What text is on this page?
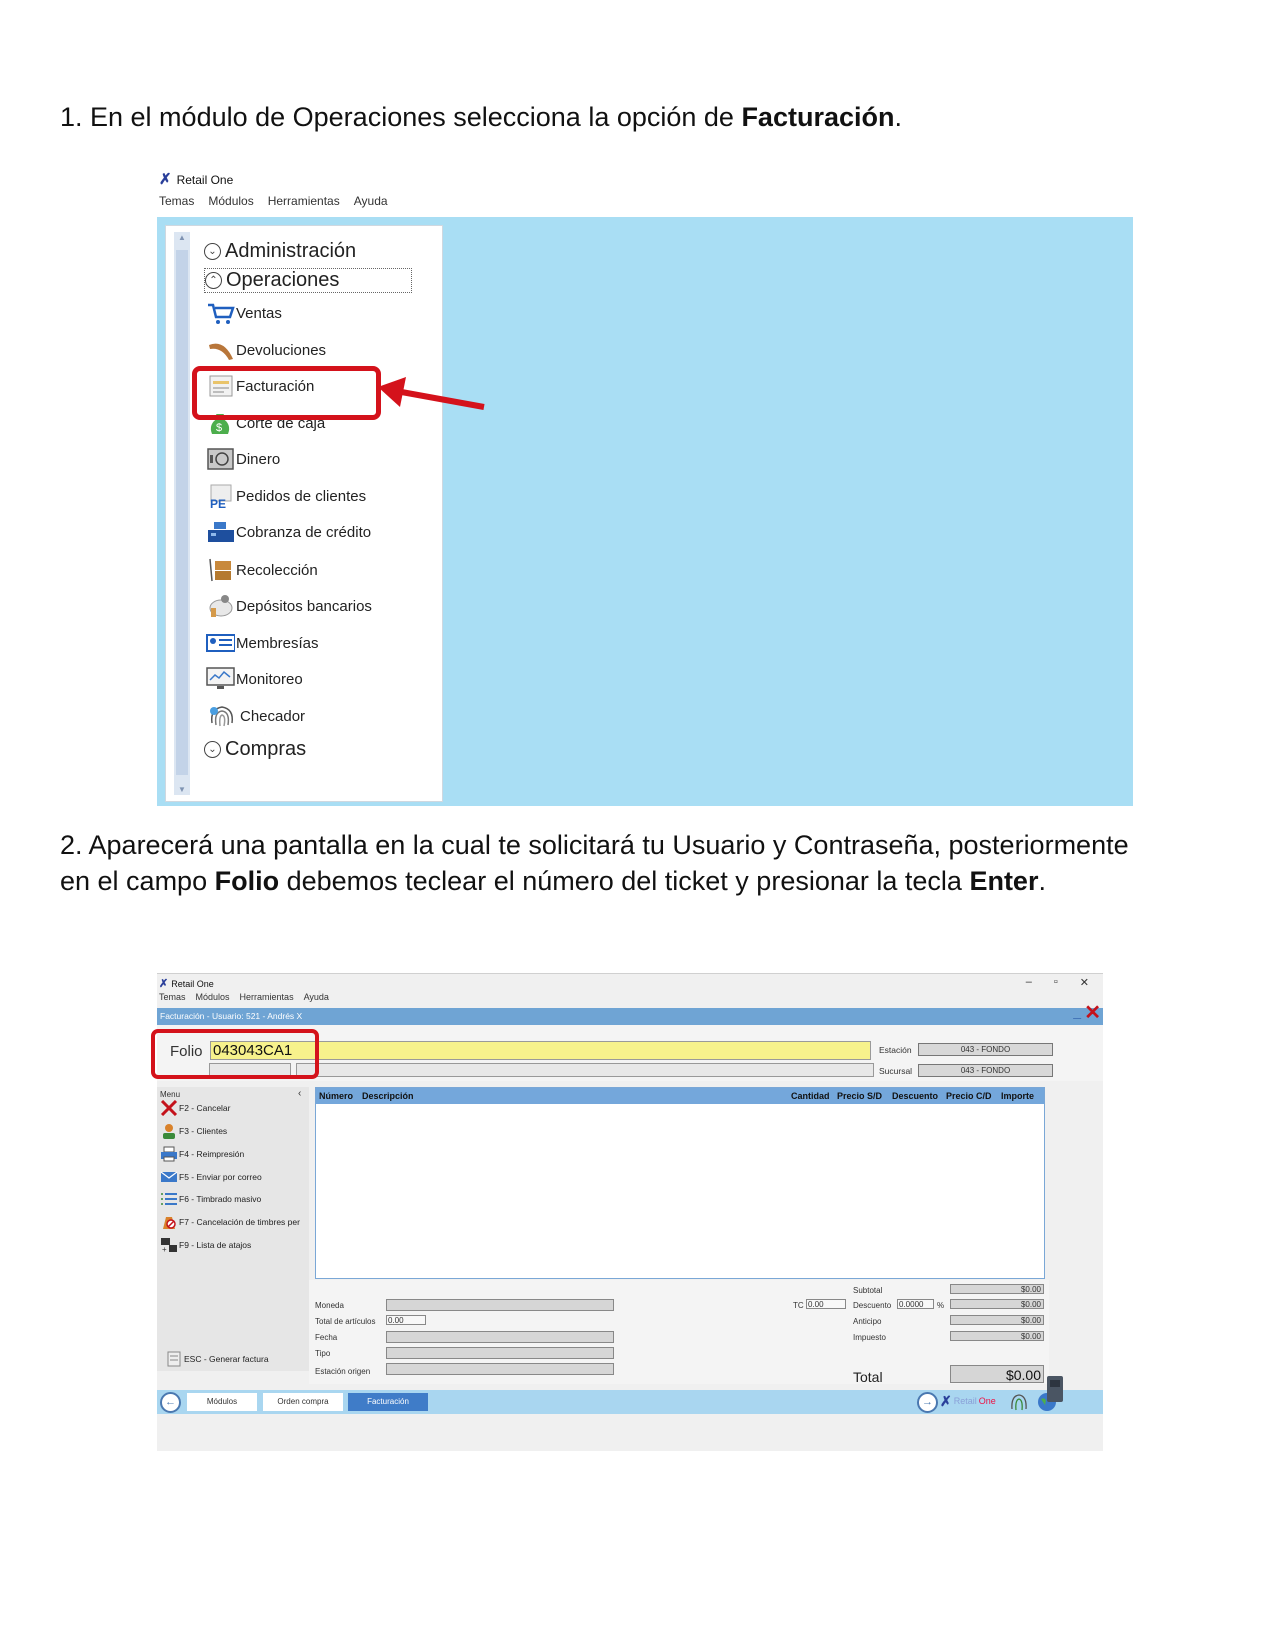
1. En el módulo de Operaciones selecciona la opción de Facturación.
✗ Retail One
Temas Módulos Herramientas Ayuda
▲
▼
⌄ Administración
⌃ Operaciones
Ventas
Devoluciones
Facturación
$ Corte de caja
Dinero
PE Pedidos de clientes
Cobranza de crédito
Recolección
Depósitos bancarios
Membresías
Monitoreo
Checador
⌄ Compras
2. Aparecerá una pantalla en la cual te solicitará tu Usuario y Contraseña, posteriormente
en el campo Folio debemos teclear el número del ticket y presionar la tecla Enter.
✗ Retail One	– ▫ ✕
Temas Módulos Herramientas Ayuda
Facturación - Usuario: 521 - Andrés X	_ ✕
Folio
043043CA1	Estación	043 - FONDO
Sucursal	043 - FONDO
Menu	‹
F2 - Cancelar
F3 - Clientes
F4 - Reimpresión
F5 - Enviar por correo
F6 - Timbrado masivo
F7 - Cancelación de timbres per
+ F9 - Lista de atajos
ESC - Generar factura
Número Descripción	Cantidad Precio S/D Descuento Precio C/D Importe
Moneda
Total de artículos 0.00
Fecha
Tipo
Estación origen
TC 0.00
Subtotal	$0.00
Descuento 0.0000	%	$0.00
Anticipo	$0.00
Impuesto	$0.00
Total	$0.00
←	Módulos	Orden compra	Facturación	→ ✗ Retail One
